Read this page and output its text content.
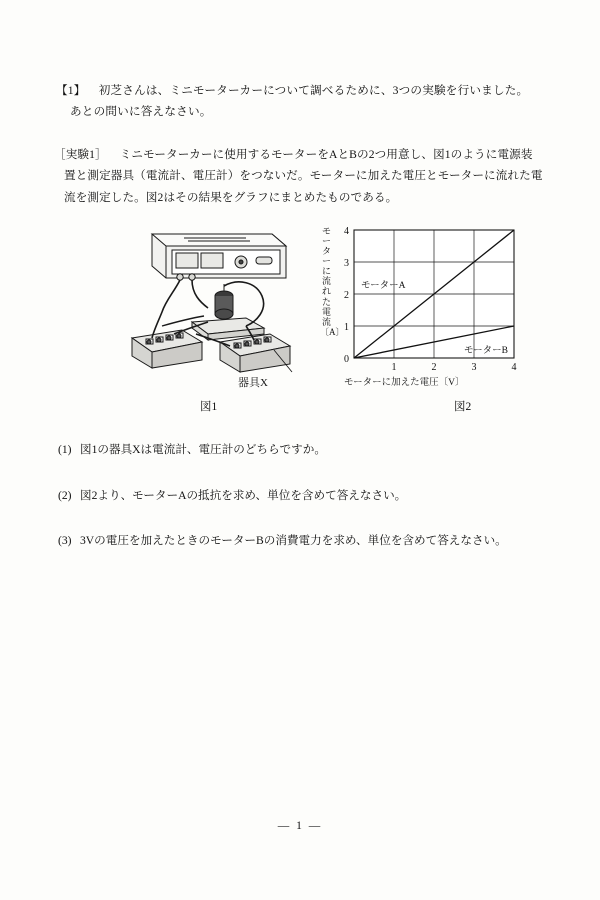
【1】 初芝さんは、ミニモーターカーについて調べるために、3つの実験を行いました。
あとの問いに答えなさい。
［実験1］ ミニモーターカーに使用するモーターをAとBの2つ用意し、図1のように電源装
置と測定器具（電流計、電圧計）をつないだ。モーターに加えた電圧とモーターに流れた電
流を測定した。図2はその結果をグラフにまとめたものである。
器具X
図1
モーターに流れた電流〔A〕
4
3
2
1
0
1	2	3	4
モーターA
モーターB
モーターに加えた電圧〔V〕
図2
(1) 図1の器具Xは電流計、電圧計のどちらですか。
(2) 図2より、モーターAの抵抗を求め、単位を含めて答えなさい。
(3) 3Vの電圧を加えたときのモーターBの消費電力を求め、単位を含めて答えなさい。
— 1 —
